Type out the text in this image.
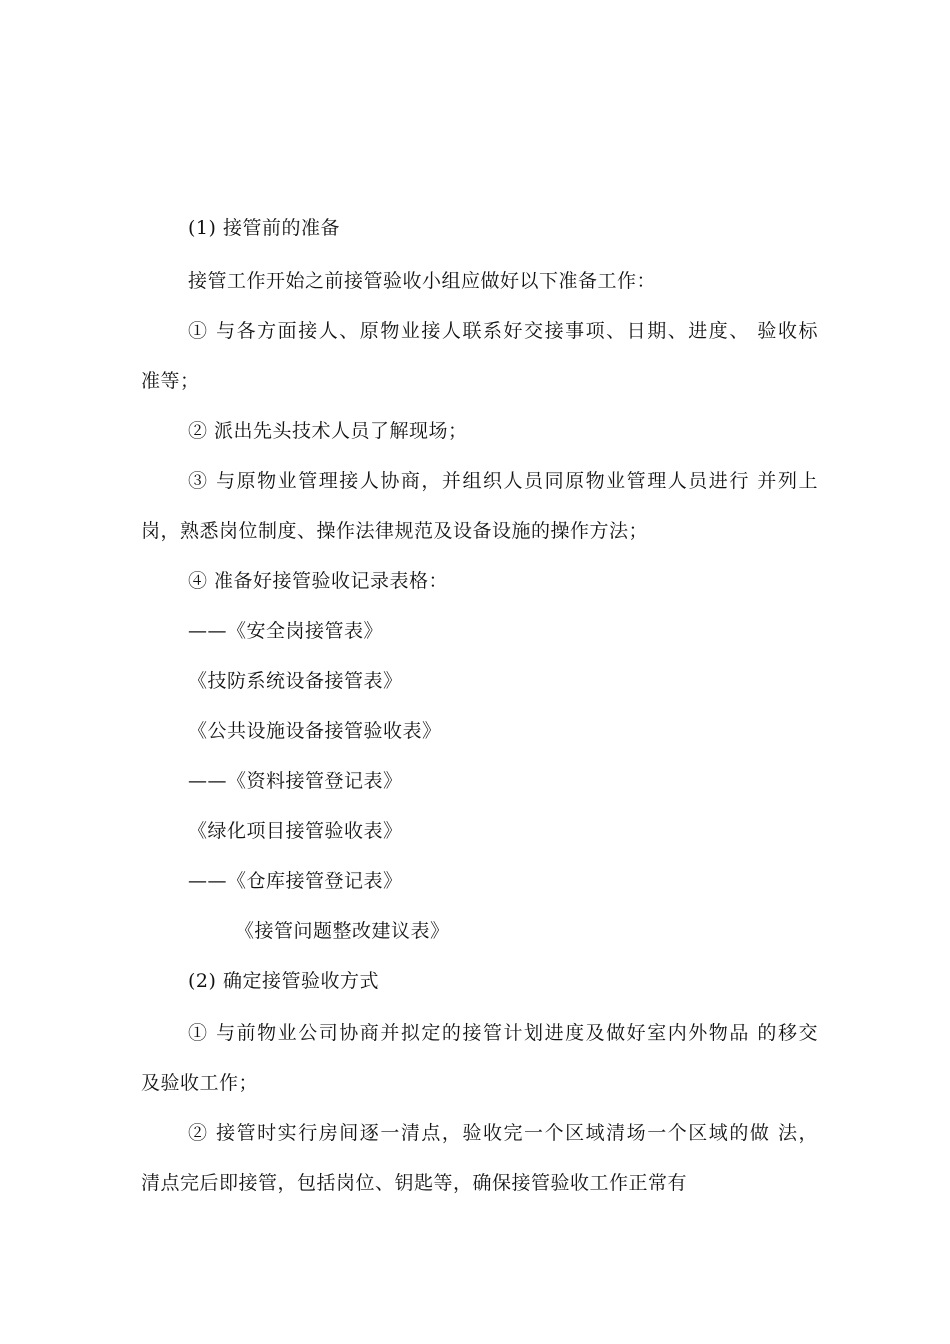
(1) 接管前的准备
接管工作开始之前接管验收小组应做好以下准备工作：
① 与各方面接人、原物业接人联系好交接事项、日期、进度、 验收标
准等；
② 派出先头技术人员了解现场；
③ 与原物业管理接人协商，并组织人员同原物业管理人员进行 并列上
岗，熟悉岗位制度、操作法律规范及设备设施的操作方法；
④ 准备好接管验收记录表格：
——《安全岗接管表》
《技防系统设备接管表》
《公共设施设备接管验收表》
——《资料接管登记表》
《绿化项目接管验收表》
——《仓库接管登记表》
《接管问题整改建议表》
(2) 确定接管验收方式
① 与前物业公司协商并拟定的接管计划进度及做好室内外物品 的移交
及验收工作；
② 接管时实行房间逐一清点，验收完一个区域清场一个区域的做 法，
清点完后即接管，包括岗位、钥匙等，确保接管验收工作正常有
